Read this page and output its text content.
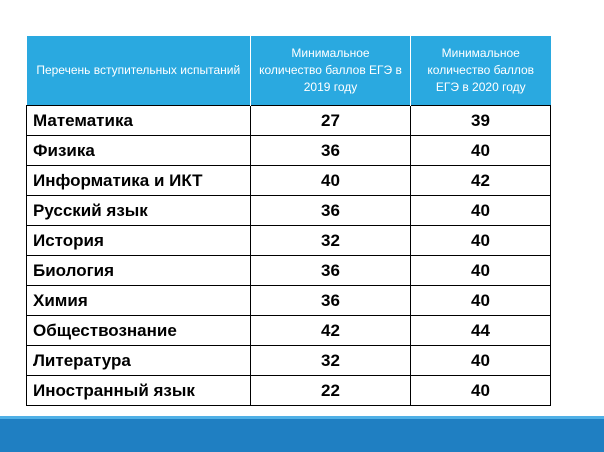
Перечень вступительных испытаний	Минимальное количество баллов ЕГЭ в 2019 году	Минимальное количество баллов ЕГЭ в 2020 году
Математика	27	39
Физика	36	40
Информатика и ИКТ	40	42
Русский язык	36	40
История	32	40
Биология	36	40
Химия	36	40
Обществознание	42	44
Литература	32	40
Иностранный язык	22	40
